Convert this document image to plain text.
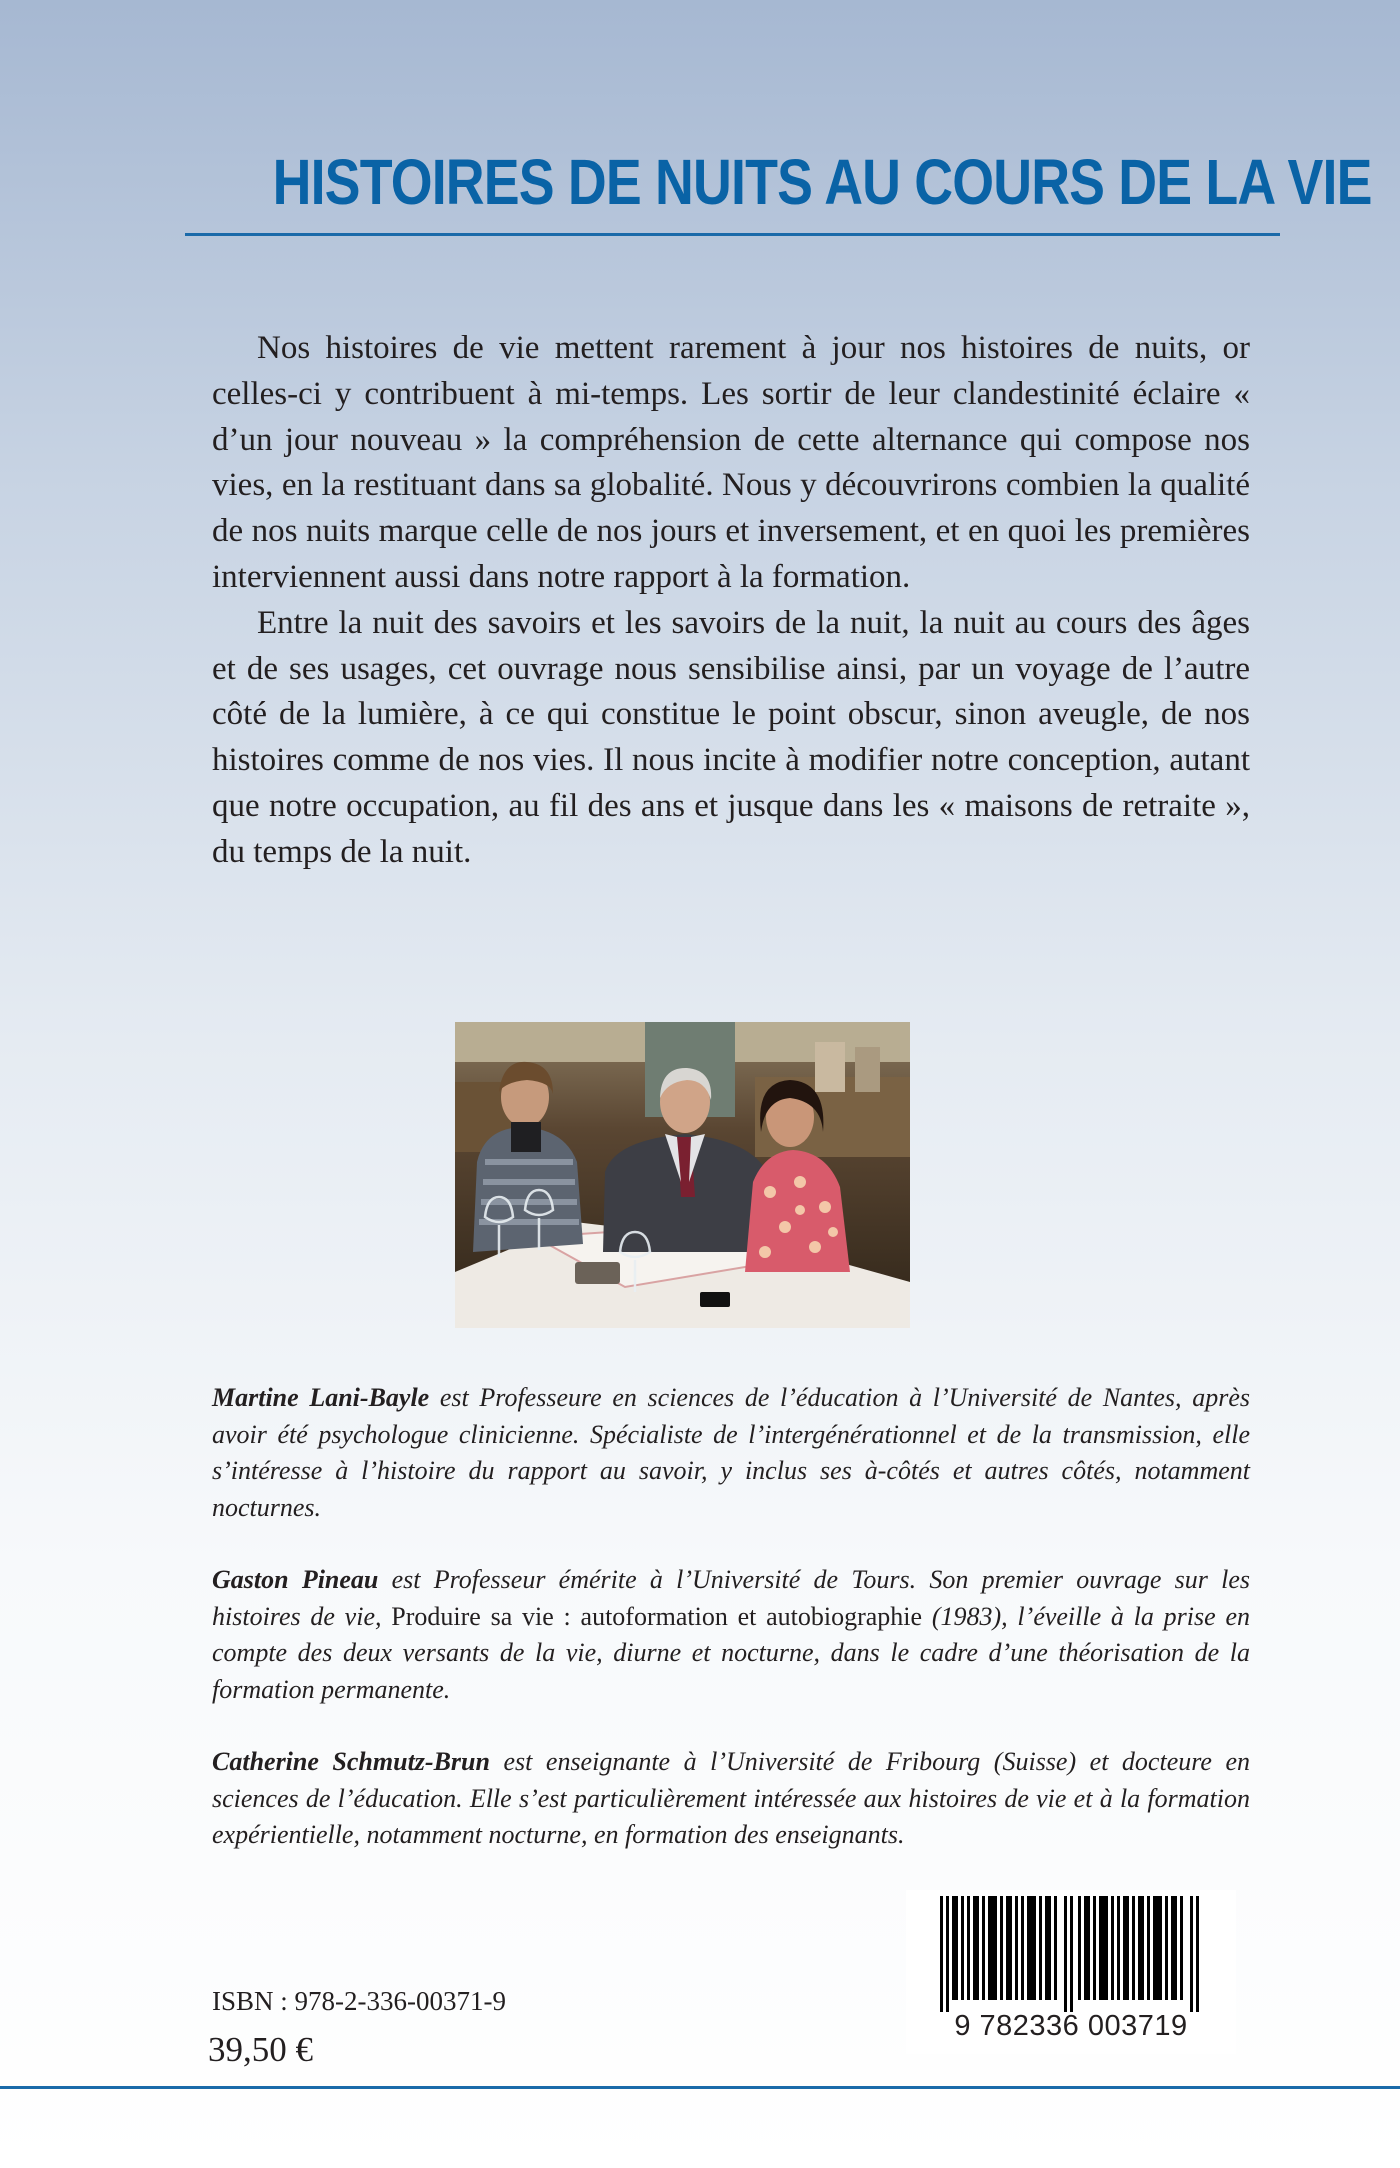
HISTOIRES DE NUITS AU COURS DE LA VIE

Nos histoires de vie mettent rarement à jour nos histoires de nuits, or celles-ci y contribuent à mi-temps. Les sortir de leur clandestinité éclaire « d’un jour nouveau » la compréhension de cette alternance qui compose nos vies, en la restituant dans sa globalité. Nous y découvrirons combien la qualité de nos nuits marque celle de nos jours et inversement, et en quoi les premières interviennent aussi dans notre rapport à la formation.

Entre la nuit des savoirs et les savoirs de la nuit, la nuit au cours des âges et de ses usages, cet ouvrage nous sensibilise ainsi, par un voyage de l’autre côté de la lumière, à ce qui constitue le point obscur, sinon aveugle, de nos histoires comme de nos vies. Il nous incite à modifier notre conception, autant que notre occupation, au fil des ans et jusque dans les « maisons de retraite », du temps de la nuit.

Martine Lani-Bayle est Professeure en sciences de l’éducation à l’Université de Nantes, après avoir été psychologue clinicienne. Spécialiste de l’intergénérationnel et de la transmission, elle s’intéresse à l’histoire du rapport au savoir, y inclus ses à-côtés et autres côtés, notamment nocturnes.

Gaston Pineau est Professeur émérite à l’Université de Tours. Son premier ouvrage sur les histoires de vie, Produire sa vie : autoformation et autobiographie (1983), l’éveille à la prise en compte des deux versants de la vie, diurne et nocturne, dans le cadre d’une théorisation de la formation permanente.

Catherine Schmutz-Brun est enseignante à l’Université de Fribourg (Suisse) et docteure en sciences de l’éducation. Elle s’est particulièrement intéressée aux histoires de vie et à la formation expérientielle, notamment nocturne, en formation des enseignants.

ISBN : 978-2-336-00371-9
39,50 €
9 782336 003719
